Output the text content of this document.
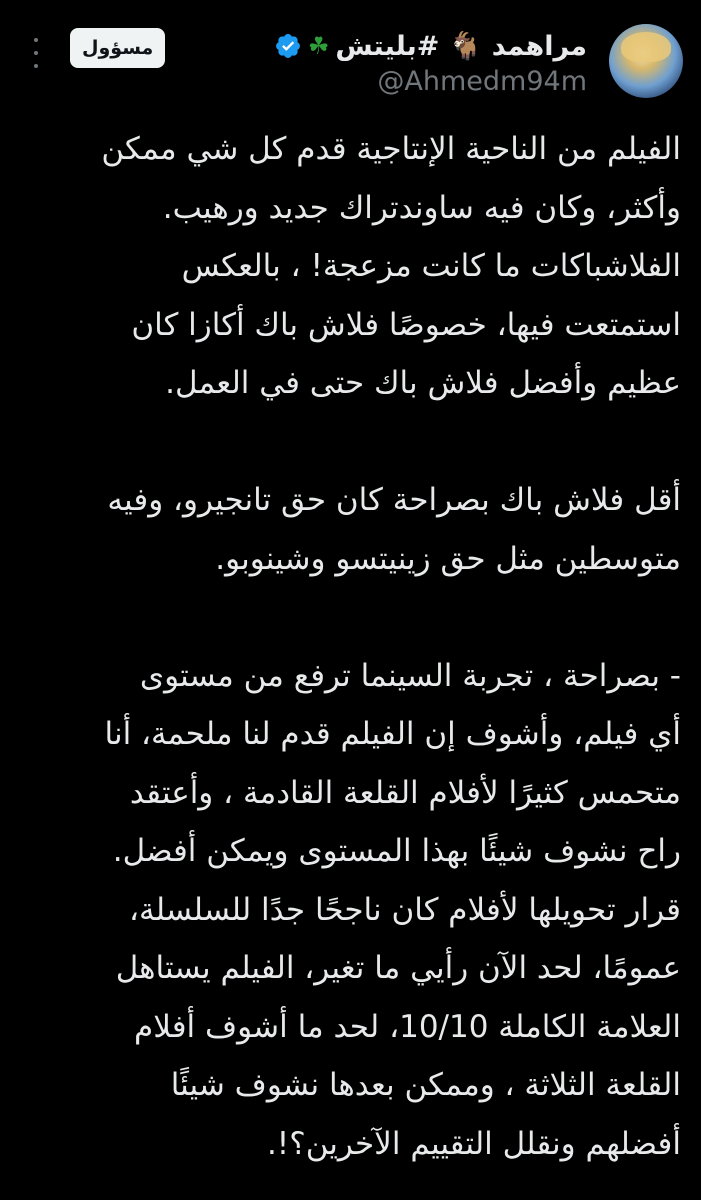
☘ مراهمد 🐐 #بليتش
@Ahmedm94m
مسؤول

الفيلم من الناحية الإنتاجية قدم كل شي ممكن
وأكثر، وكان فيه ساوندتراك جديد ورهيب.
الفلاشباكات ما كانت مزعجة! ، بالعكس
استمتعت فيها، خصوصًا فلاش باك أكازا كان
عظيم وأفضل فلاش باك حتى في العمل.

أقل فلاش باك بصراحة كان حق تانجيرو، وفيه
متوسطين مثل حق زينيتسو وشينوبو.

- بصراحة ، تجربة السينما ترفع من مستوى
أي فيلم، وأشوف إن الفيلم قدم لنا ملحمة، أنا
متحمس كثيرًا لأفلام القلعة القادمة ، وأعتقد
راح نشوف شيئًا بهذا المستوى ويمكن أفضل.
قرار تحويلها لأفلام كان ناجحًا جدًا للسلسلة،
عمومًا، لحد الآن رأيي ما تغير، الفيلم يستاهل
العلامة الكاملة 10/10، لحد ما أشوف أفلام
القلعة الثلاثة ، وممكن بعدها نشوف شيئًا
أفضلهم ونقلل التقييم الآخرين؟!.
